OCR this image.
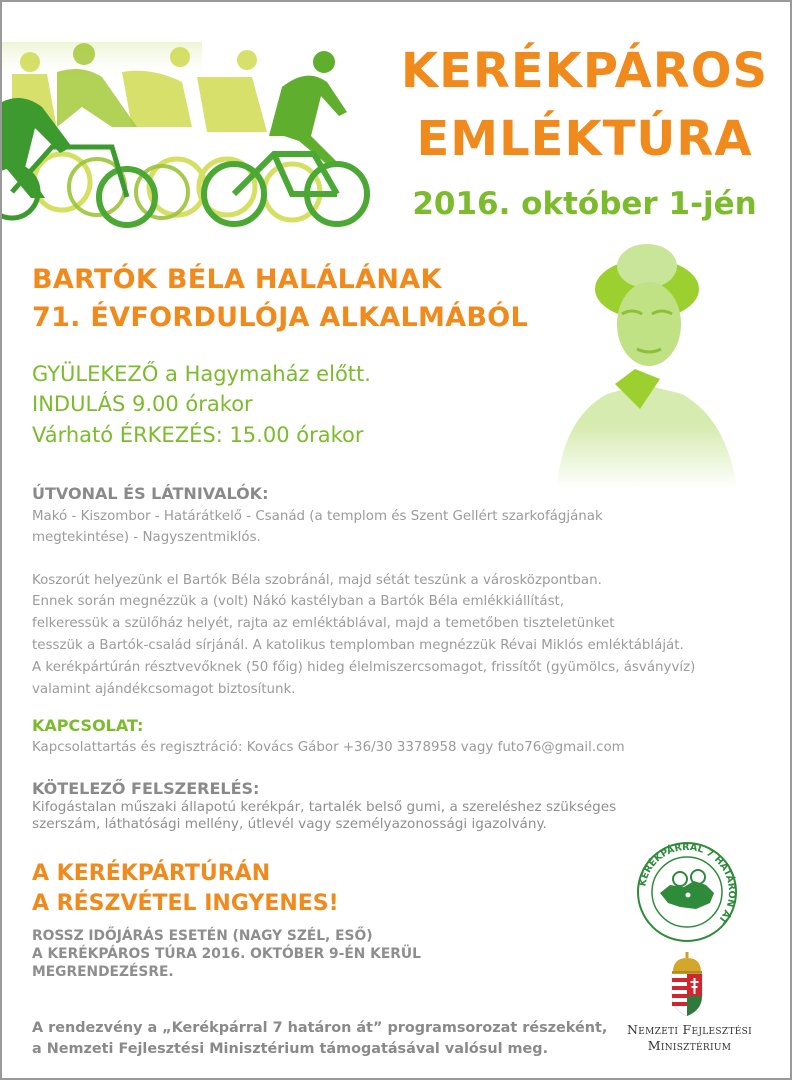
KERÉKPÁROS
EMLÉKTÚRA
2016. október 1-jén
BARTÓK BÉLA HALÁLÁNAK
71. ÉVFORDULÓJA ALKALMÁBÓL
GYÜLEKEZŐ a Hagymaház előtt.
INDULÁS 9.00 órakor
Várható ÉRKEZÉS: 15.00 órakor
ÚTVONAL ÉS LÁTNIVALÓK:
Makó - Kiszombor - Határátkelő - Csanád (a templom és Szent Gellért szarkofágjának
megtekintése) - Nagyszentmiklós.
Koszorút helyezünk el Bartók Béla szobránál, majd sétát teszünk a városközpontban.
Ennek során megnézzük a (volt) Nákó kastélyban a Bartók Béla emlékkiállítást,
felkeressük a szülőház helyét, rajta az emléktáblával, majd a temetőben tiszteletünket
tesszük a Bartók-család sírjánál. A katolikus templomban megnézzük Révai Miklós emléktábláját.
A kerékpártúrán résztvevőknek (50 főig) hideg élelmiszercsomagot, frissítőt (gyümölcs, ásványvíz)
valamint ajándékcsomagot biztosítunk.
KAPCSOLAT:
Kapcsolattartás és regisztráció: Kovács Gábor +36/30 3378958 vagy futo76@gmail.com
KÖTELEZŐ FELSZERELÉS:
Kifogástalan műszaki állapotú kerékpár, tartalék belső gumi, a szereléshez szükséges
szerszám, láthatósági mellény, útlevél vagy személyazonossági igazolvány.
A KERÉKPÁRTÚRÁN
A RÉSZVÉTEL INGYENES!
ROSSZ IDŐJÁRÁS ESETÉN (NAGY SZÉL, ESŐ)
A KERÉKPÁROS TÚRA 2016. OKTÓBER 9-ÉN KERÜL
MEGRENDEZÉSRE.
A rendezvény a „Kerékpárral 7 határon át” programsorozat részeként,
a Nemzeti Fejlesztési Minisztérium támogatásával valósul meg.
KERÉKPÁRRAL 7 HATÁRON ÁT
Nemzeti Fejlesztési
Minisztérium
